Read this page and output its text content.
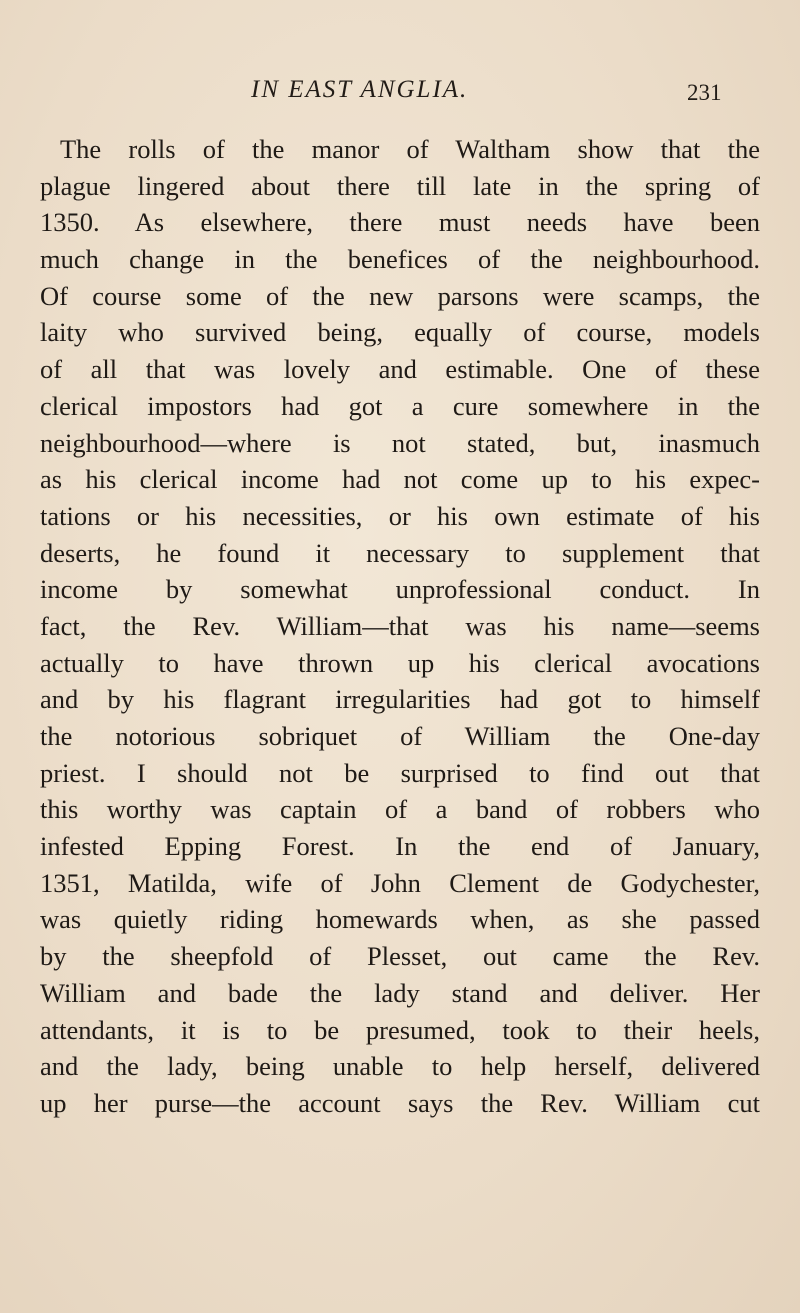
IN EAST ANGLIA.	231
The rolls of the manor of Waltham show that the
plague lingered about there till late in the spring of
1350. As elsewhere, there must needs have been
much change in the benefices of the neighbourhood.
Of course some of the new parsons were scamps, the
laity who survived being, equally of course, models
of all that was lovely and estimable. One of these
clerical impostors had got a cure somewhere in the
neighbourhood—where is not stated, but, inasmuch
as his clerical income had not come up to his expec-
tations or his necessities, or his own estimate of his
deserts, he found it necessary to supplement that
income by somewhat unprofessional conduct. In
fact, the Rev. William—that was his name—seems
actually to have thrown up his clerical avocations
and by his flagrant irregularities had got to himself
the notorious sobriquet of William the One-day
priest. I should not be surprised to find out that
this worthy was captain of a band of robbers who
infested Epping Forest. In the end of January,
1351, Matilda, wife of John Clement de Godychester,
was quietly riding homewards when, as she passed
by the sheepfold of Plesset, out came the Rev.
William and bade the lady stand and deliver. Her
attendants, it is to be presumed, took to their heels,
and the lady, being unable to help herself, delivered
up her purse—the account says the Rev. William cut
